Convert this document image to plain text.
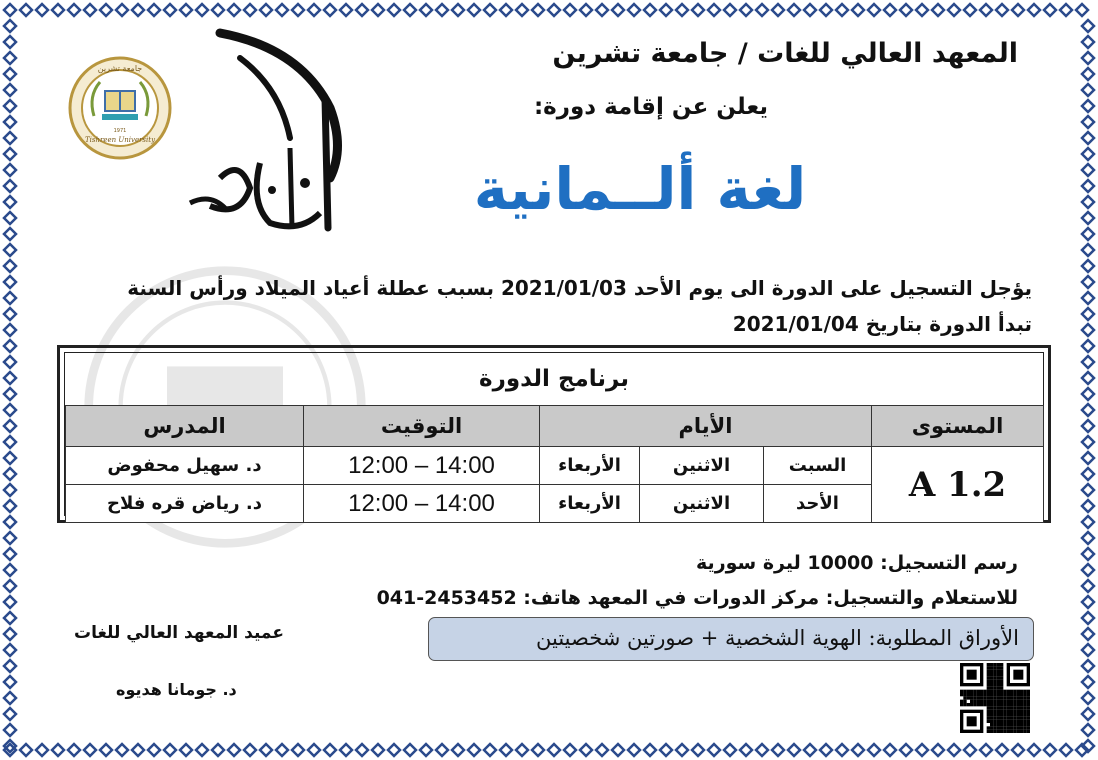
جامعة تشرين
1971
Tishreen University
المعهد العالي للغات / جامعة تشرين
يعلن عن إقامة دورة:
لغة ألــمانية
يؤجل التسجيل على الدورة الى يوم الأحد 2021/01/03 بسبب عطلة أعياد الميلاد ورأس السنة
تبدأ الدورة بتاريخ 2021/01/04
برنامج الدورة
المستوى	الأيام			التوقيت	المدرس
A 1.2	السبت	الاثنين	الأربعاء	12:00 – 14:00	د. سهيل محفوض
	الأحد	الاثنين	الأربعاء	12:00 – 14:00	د. رياض قره فلاح
رسم التسجيل: 10000 ليرة سورية
للاستعلام والتسجيل: مركز الدورات في المعهد هاتف: 2453452-041
الأوراق المطلوبة: الهوية الشخصية + صورتين شخصيتين
عميد المعهد العالي للغات
د. جومانا هديوه
